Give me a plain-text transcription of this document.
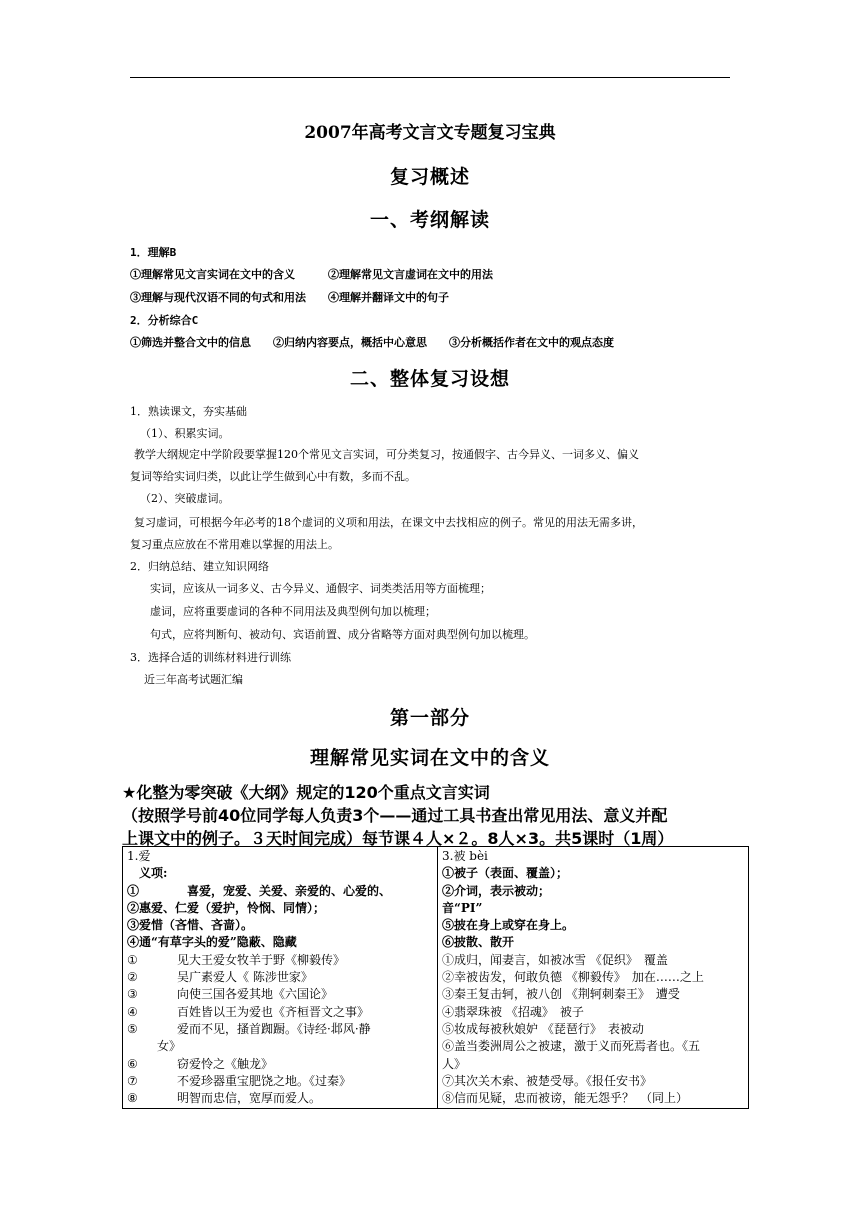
2007年高考文言文专题复习宝典
复习概述
一、考纲解读
1．理解B
①理解常见文言实词在文中的含义　　　②理解常见文言虚词在文中的用法
③理解与现代汉语不同的句式和用法　　④理解并翻译文中的句子
2．分析综合C
①筛选并整合文中的信息　　②归纳内容要点，概括中心意思　　③分析概括作者在文中的观点态度
二、整体复习设想
1．熟读课文，夯实基础
（1）、积累实词。
教学大纲规定中学阶段要掌握120个常见文言实词，可分类复习，按通假字、古今异义、一词多义、偏义
复词等给实词归类，以此让学生做到心中有数，多而不乱。
（2）、突破虚词。
复习虚词，可根据今年必考的18个虚词的义项和用法，在课文中去找相应的例子。常见的用法无需多讲，
复习重点应放在不常用难以掌握的用法上。
2．归纳总结、建立知识网络
实词，应该从一词多义、古今异义、通假字、词类类活用等方面梳理；
虚词，应将重要虚词的各种不同用法及典型例句加以梳理；
句式，应将判断句、被动句、宾语前置、成分省略等方面对典型例句加以梳理。
3．选择合适的训练材料进行训练
近三年高考试题汇编
第一部分
理解常见实词在文中的含义
★化整为零突破《大纲》规定的120个重点文言实词
（按照学号前40位同学每人负责3个——通过工具书查出常见用法、意义并配
上课文中的例子。３天时间完成）每节课４人×２。8人×3。共5课时（1周）
1.爱
义项:
①　　　　喜爱，宠爱、关爱、亲爱的、心爱的、
②惠爱、仁爱（爱护，怜悯、同情）；
③爱惜（吝惜、吝啬）。
④通“有草字头的爱”隐蔽、隐藏
①	见大王爱女牧羊于野《柳毅传》
②	吴广素爱人《 陈涉世家》
③	向使三国各爱其地《六国论》
④	百姓皆以王为爱也《齐桓晋文之事》
⑤	爱而不见，搔首踟蹰。《诗经·邶风·静
女》
⑥	窃爱怜之《触龙》
⑦	不爱珍器重宝肥饶之地。《过秦》
⑧	明智而忠信，宽厚而爱人。

3.被 bèi
①被子（表面、覆盖）；
②介词，表示被动；
音“PI”
⑤披在身上或穿在身上。
⑥披散、散开
①成归，闻妻言，如被冰雪 《促织》　覆盖
②幸被齿发，何敢负德 《柳毅传》　加在……之上
③秦王复击轲，被八创 《荆轲刺秦王》　遭受
④翡翠珠被 《招魂》　被子
⑤妆成每被秋娘妒 《琵琶行》　表被动
⑥盖当娄洲周公之被逮，激于义而死焉者也。《五
人》
⑦其次关木索、被楚受辱。《报任安书》
⑧信而见疑，忠而被谤，能无怨乎？　（同上）
